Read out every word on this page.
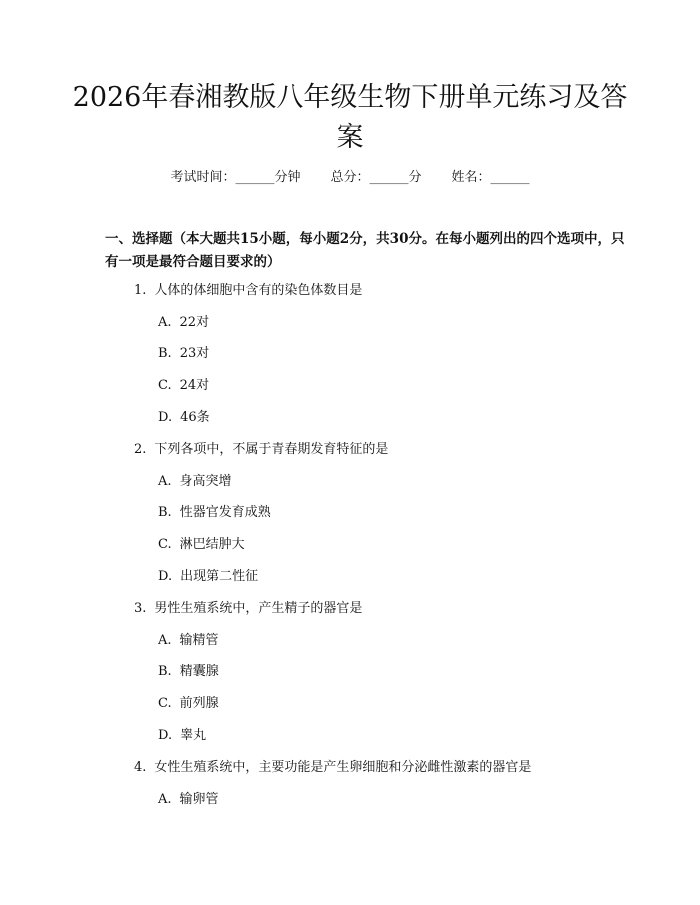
2026年春湘教版八年级生物下册单元练习及答案
考试时间：______分钟 总分：______分 姓名：______

一、选择题（本大题共15小题，每小题2分，共30分。在每小题列出的四个选项中，只有一项是最符合题目要求的）

1. 人体的体细胞中含有的染色体数目是
A. 22对
B. 23对
C. 24对
D. 46条
2. 下列各项中，不属于青春期发育特征的是
A. 身高突增
B. 性器官发育成熟
C. 淋巴结肿大
D. 出现第二性征
3. 男性生殖系统中，产生精子的器官是
A. 输精管
B. 精囊腺
C. 前列腺
D. 睾丸
4. 女性生殖系统中，主要功能是产生卵细胞和分泌雌性激素的器官是
A. 输卵管
